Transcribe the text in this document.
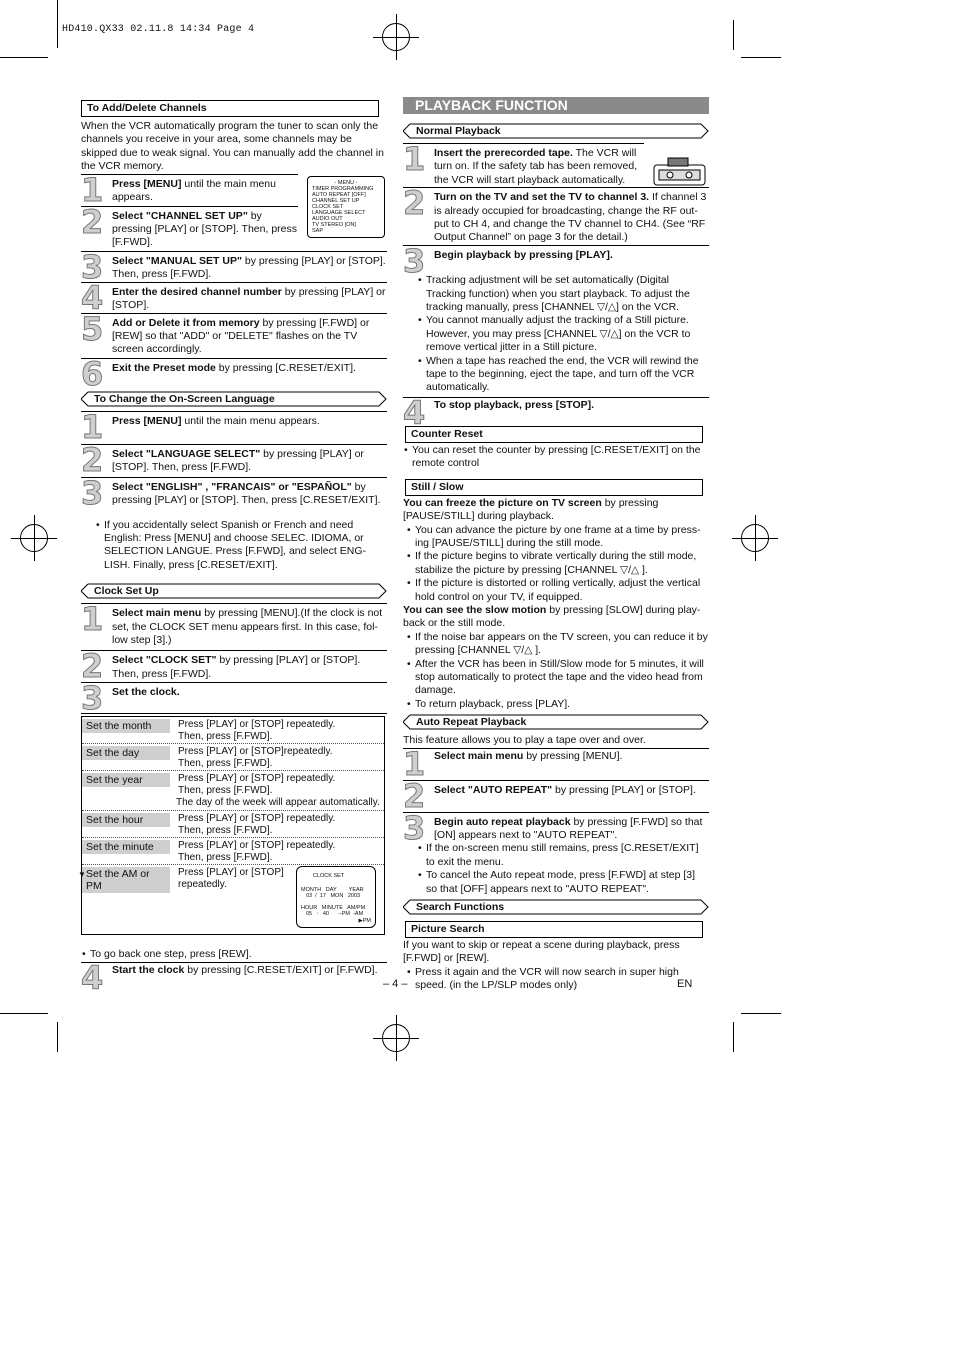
HD410.QX33 02.11.8 14:34 Page 4
To Add/Delete Channels

When the VCR automatically program the tuner to scan only the channels you receive in your area, some channels may be skipped due to weak signal. You can manually add the channel in the VCR memory.

- MENU -
TIMER PROGRAMMING
AUTO REPEAT [OFF]
CHANNEL SET UP
CLOCK SET
LANGUAGE SELECT
AUDIO OUT
TV STEREO [ON]
SAP
1 Press [MENU] until the main menu appears.
2 Select "CHANNEL SET UP" by pressing [PLAY] or [STOP]. Then, press [F.FWD].
3 Select "MANUAL SET UP" by pressing [PLAY] or [STOP]. Then, press [F.FWD].
4 Enter the desired channel number by pressing [PLAY] or [STOP].
5 Add or Delete it from memory by pressing [F.FWD] or [REW] so that "ADD" or "DELETE" flashes on the TV screen accordingly.
6 Exit the Preset mode by pressing [C.RESET/EXIT].
To Change the On-Screen Language
1 Press [MENU] until the main menu appears.
2 Select "LANGUAGE SELECT" by pressing [PLAY] or [STOP]. Then, press [F.FWD].
3 Select "ENGLISH" , "FRANCAIS" or "ESPAÑOL" by pressing [PLAY] or [STOP]. Then, press [C.RESET/EXIT].
• If you accidentally select Spanish or French and need English: Press [MENU] and choose SELEC. IDIOMA, or SELECTION LANGUE. Press [F.FWD], and select ENG-LISH. Finally, press [C.RESET/EXIT].
Clock Set Up
1 Select main menu by pressing [MENU].(If the clock is not set, the CLOCK SET menu appears first. In this case, fol-low step [3].)
2 Select "CLOCK SET" by pressing [PLAY] or [STOP]. Then, press [F.FWD].
3 Set the clock.
Set the month	Press [PLAY] or [STOP] repeatedly.
Then, press [F.FWD].
Set the day	Press [PLAY] or [STOP]repeatedly.
Then, press [F.FWD].
Set the year	Press [PLAY] or [STOP] repeatedly.
Then, press [F.FWD].
The day of the week will appear automatically.
Set the hour	Press [PLAY] or [STOP] repeatedly.
Then, press [F.FWD].
Set the minute	Press [PLAY] or [STOP] repeatedly.
Then, press [F.FWD].
▼ Set the AM or PM
Press [PLAY] or [STOP]
repeatedly.
CLOCK SET
MONTH   DAY        YEAR
03  /  17   MON   2003
HOUR   MINUTE   AM/PM
05   :   40      --PM  -AM
▶PM
• To go back one step, press [REW].
4 Start the clock by pressing [C.RESET/EXIT] or [F.FWD].
PLAYBACK FUNCTION
Normal Playback
1 Insert the prerecorded tape. The VCR will turn on. If the safety tab has been removed, the VCR will start playback automatically.
2 Turn on the TV and set the TV to channel 3. If channel 3 is already occupied for broadcasting, change the RF out-put to CH 4, and change the TV channel to CH4. (See “RF Output Channel” on page 3 for the detail.)
3 Begin playback by pressing [PLAY].
• Tracking adjustment will be set automatically (Digital Tracking function) when you start playback. To adjust the tracking manually, press [CHANNEL ▽/△] on the VCR.
• You cannot manually adjust the tracking of a Still picture. However, you may press [CHANNEL ▽/△] on the VCR to remove vertical jitter in a Still picture.
• When a tape has reached the end, the VCR will rewind the tape to the beginning, eject the tape, and turn off the VCR automatically.
4 To stop playback, press [STOP].
Counter Reset
• You can reset the counter by pressing [C.RESET/EXIT] on the remote control
Still / Slow

You can freeze the picture on TV screen by pressing [PAUSE/STILL] during playback.

• You can advance the picture by one frame at a time by press-ing [PAUSE/STILL] during the still mode.
• If the picture begins to vibrate vertically during the still mode, stabilize the picture by pressing [CHANNEL ▽/△ ].
• If the picture is distorted or rolling vertically, adjust the vertical hold control on your TV, if equipped.

You can see the slow motion by pressing [SLOW] during play-back or the still mode.

• If the noise bar appears on the TV screen, you can reduce it by pressing [CHANNEL ▽/△ ].
• After the VCR has been in Still/Slow mode for 5 minutes, it will stop automatically to protect the tape and the video head from damage.
• To return playback, press [PLAY].
Auto Repeat Playback

This feature allows you to play a tape over and over.

1 Select main menu by pressing [MENU].
2 Select "AUTO REPEAT" by pressing [PLAY] or [STOP].
3 Begin auto repeat playback by pressing [F.FWD] so that [ON] appears next to "AUTO REPEAT".
• If the on-screen menu still remains, press [C.RESET/EXIT] to exit the menu.
• To cancel the Auto repeat mode, press [F.FWD] at step [3] so that [OFF] appears next to "AUTO REPEAT".
Search Functions
Picture Search

If you want to skip or repeat a scene during playback, press [F.FWD] or [REW].

• Press it again and the VCR will now search in super high speed. (in the LP/SLP modes only)
– 4 –	EN
